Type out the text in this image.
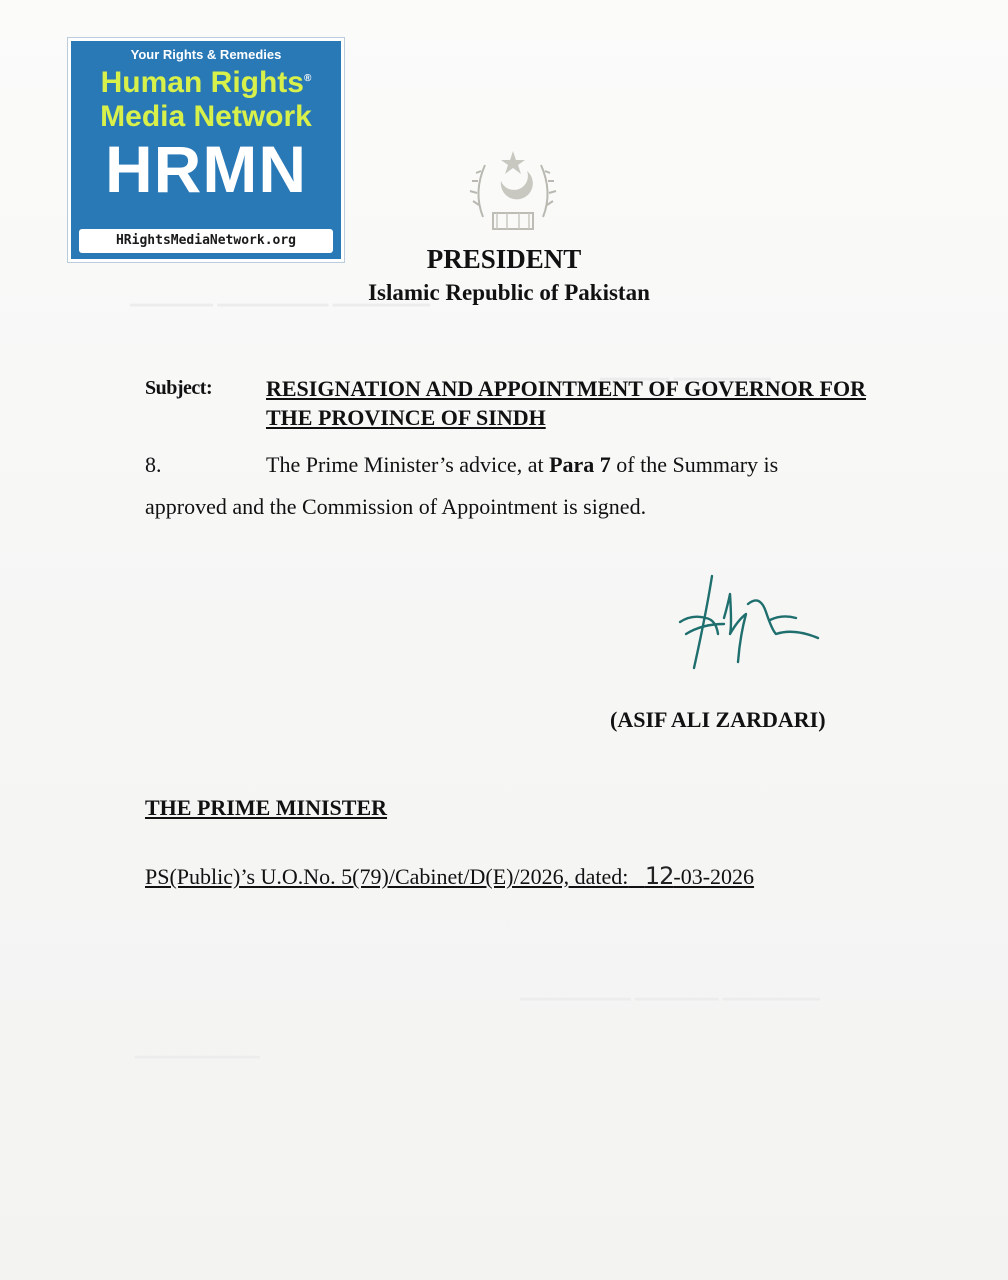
▁▁▁▁▁▁ ▁▁▁▁▁▁▁▁ ▁▁▁▁▁▁▁
▁▁▁▁▁ ▁▁▁▁▁▁▁
▁▁▁▁▁▁▁▁ ▁▁▁▁▁▁ ▁▁▁▁▁▁▁
▁▁▁▁▁▁▁▁▁
Your Rights & Remedies
Human Rights®
Media Network
HRMN
HRightsMediaNetwork.org
PRESIDENT
Islamic Republic of Pakistan
Subject: RESIGNATION AND APPOINTMENT OF GOVERNOR FOR THE PROVINCE OF SINDH
8.	The Prime Minister’s advice, at Para 7 of the Summary is
approved and the Commission of Appointment is signed.
(ASIF ALI ZARDARI)
THE PRIME MINISTER
PS(Public)’s U.O.No. 5(79)/Cabinet/D(E)/2026, dated: 12-03-2026
